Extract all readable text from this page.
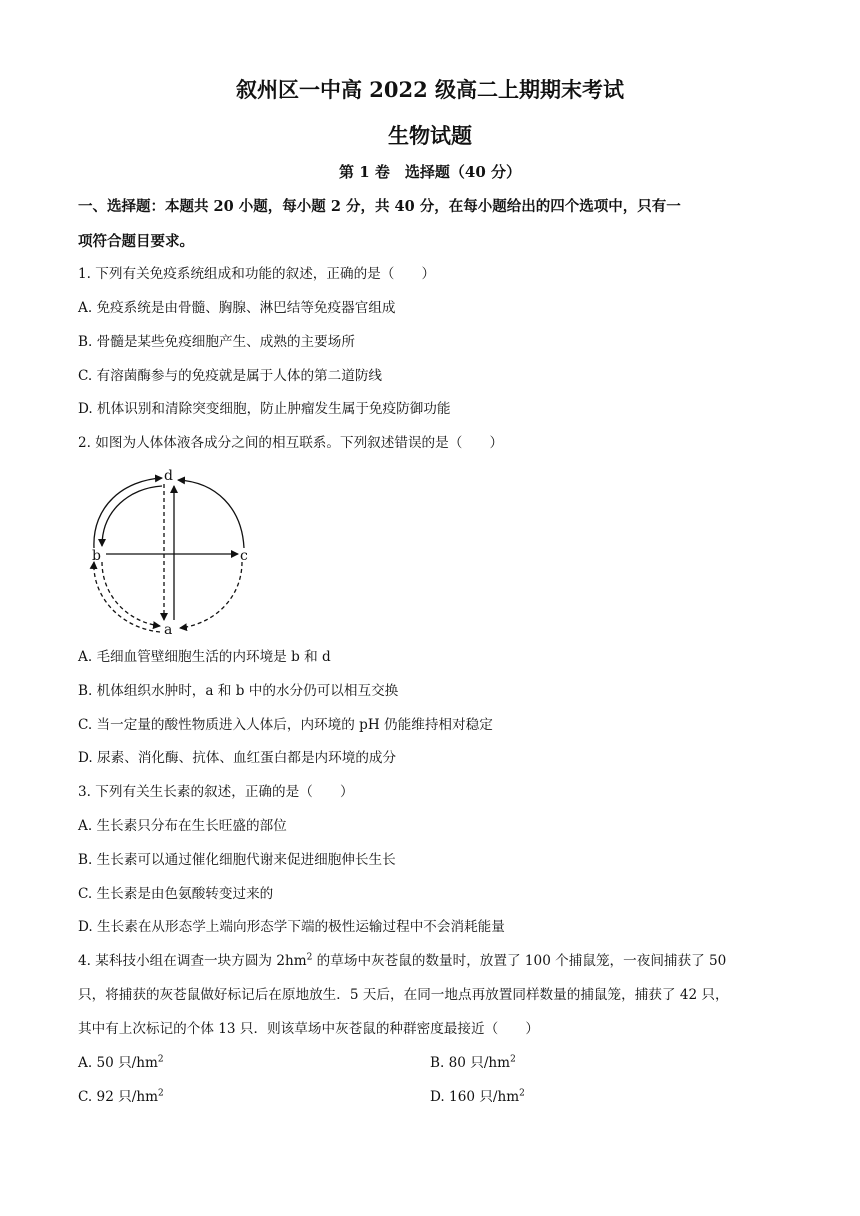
叙州区一中高 2022 级高二上期期末考试
生物试题
第 1 卷　选择题（40 分）
一、选择题：本题共 20 小题，每小题 2 分，共 40 分，在每小题给出的四个选项中，只有一
项符合题目要求。
1. 下列有关免疫系统组成和功能的叙述，正确的是（　　）
A. 免疫系统是由骨髓、胸腺、淋巴结等免疫器官组成
B. 骨髓是某些免疫细胞产生、成熟的主要场所
C. 有溶菌酶参与的免疫就是属于人体的第二道防线
D. 机体识别和清除突变细胞，防止肿瘤发生属于免疫防御功能
2. 如图为人体体液各成分之间的相互联系。下列叙述错误的是（　　）
d
b	c
a
A. 毛细血管壁细胞生活的内环境是 b 和 d
B. 机体组织水肿时，a 和 b 中的水分仍可以相互交换
C. 当一定量的酸性物质进入人体后，内环境的 pH 仍能维持相对稳定
D. 尿素、消化酶、抗体、血红蛋白都是内环境的成分
3. 下列有关生长素的叙述，正确的是（　　）
A. 生长素只分布在生长旺盛的部位
B. 生长素可以通过催化细胞代谢来促进细胞伸长生长
C. 生长素是由色氨酸转变过来的
D. 生长素在从形态学上端向形态学下端的极性运输过程中不会消耗能量
4. 某科技小组在调查一块方圆为 $2hm^2$ 的草场中灰苍鼠的数量时，放置了 100 个捕鼠笼，一夜间捕获了 50
只，将捕获的灰苍鼠做好标记后在原地放生．5 天后，在同一地点再放置同样数量的捕鼠笼，捕获了 42 只，
其中有上次标记的个体 13 只．则该草场中灰苍鼠的种群密度最接近（　　）
A. 50 只$/hm^2$	B. 80 只$/hm^2$
C. 92 只$/hm^2$	D. 160 只$/hm^2$
